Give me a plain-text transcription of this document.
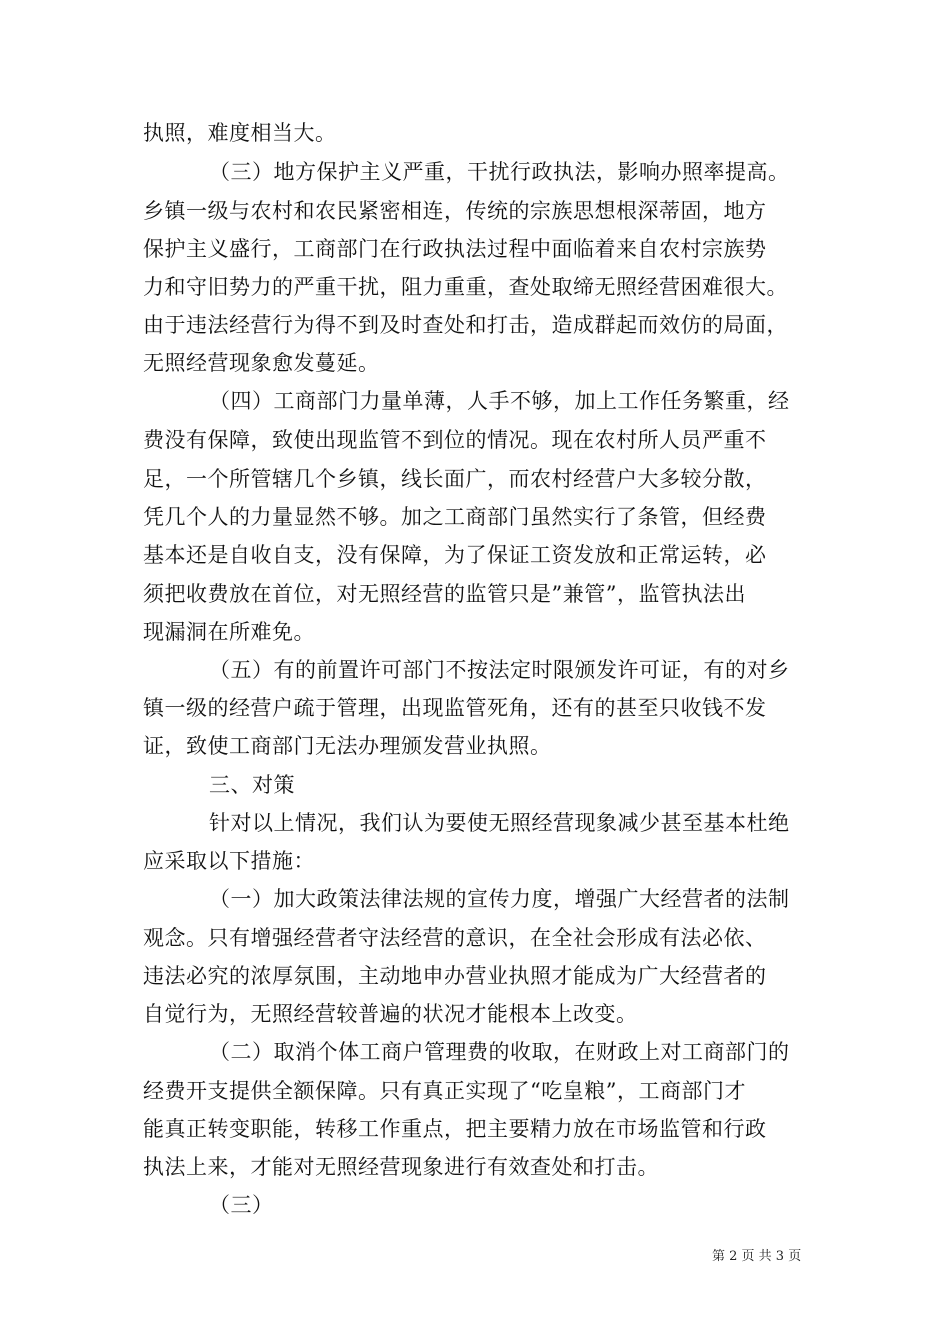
执照，难度相当大。
（三）地方保护主义严重，干扰行政执法，影响办照率提高。
乡镇一级与农村和农民紧密相连，传统的宗族思想根深蒂固，地方
保护主义盛行，工商部门在行政执法过程中面临着来自农村宗族势
力和守旧势力的严重干扰，阻力重重，查处取缔无照经营困难很大。
由于违法经营行为得不到及时查处和打击，造成群起而效仿的局面，
无照经营现象愈发蔓延。
（四）工商部门力量单薄，人手不够，加上工作任务繁重，经
费没有保障，致使出现监管不到位的情况。现在农村所人员严重不
足，一个所管辖几个乡镇，线长面广，而农村经营户大多较分散，
凭几个人的力量显然不够。加之工商部门虽然实行了条管，但经费
基本还是自收自支，没有保障，为了保证工资发放和正常运转，必
须把收费放在首位，对无照经营的监管只是”兼管”，监管执法出
现漏洞在所难免。
（五）有的前置许可部门不按法定时限颁发许可证，有的对乡
镇一级的经营户疏于管理，出现监管死角，还有的甚至只收钱不发
证，致使工商部门无法办理颁发营业执照。
三、对策
针对以上情况，我们认为要使无照经营现象减少甚至基本杜绝
应采取以下措施：
（一）加大政策法律法规的宣传力度，增强广大经营者的法制
观念。只有增强经营者守法经营的意识，在全社会形成有法必依、
违法必究的浓厚氛围，主动地申办营业执照才能成为广大经营者的
自觉行为，无照经营较普遍的状况才能根本上改变。
（二）取消个体工商户管理费的收取，在财政上对工商部门的
经费开支提供全额保障。只有真正实现了“吃皇粮”，工商部门才
能真正转变职能，转移工作重点，把主要精力放在市场监管和行政
执法上来，才能对无照经营现象进行有效查处和打击。
（三）
第 2 页 共 3 页
